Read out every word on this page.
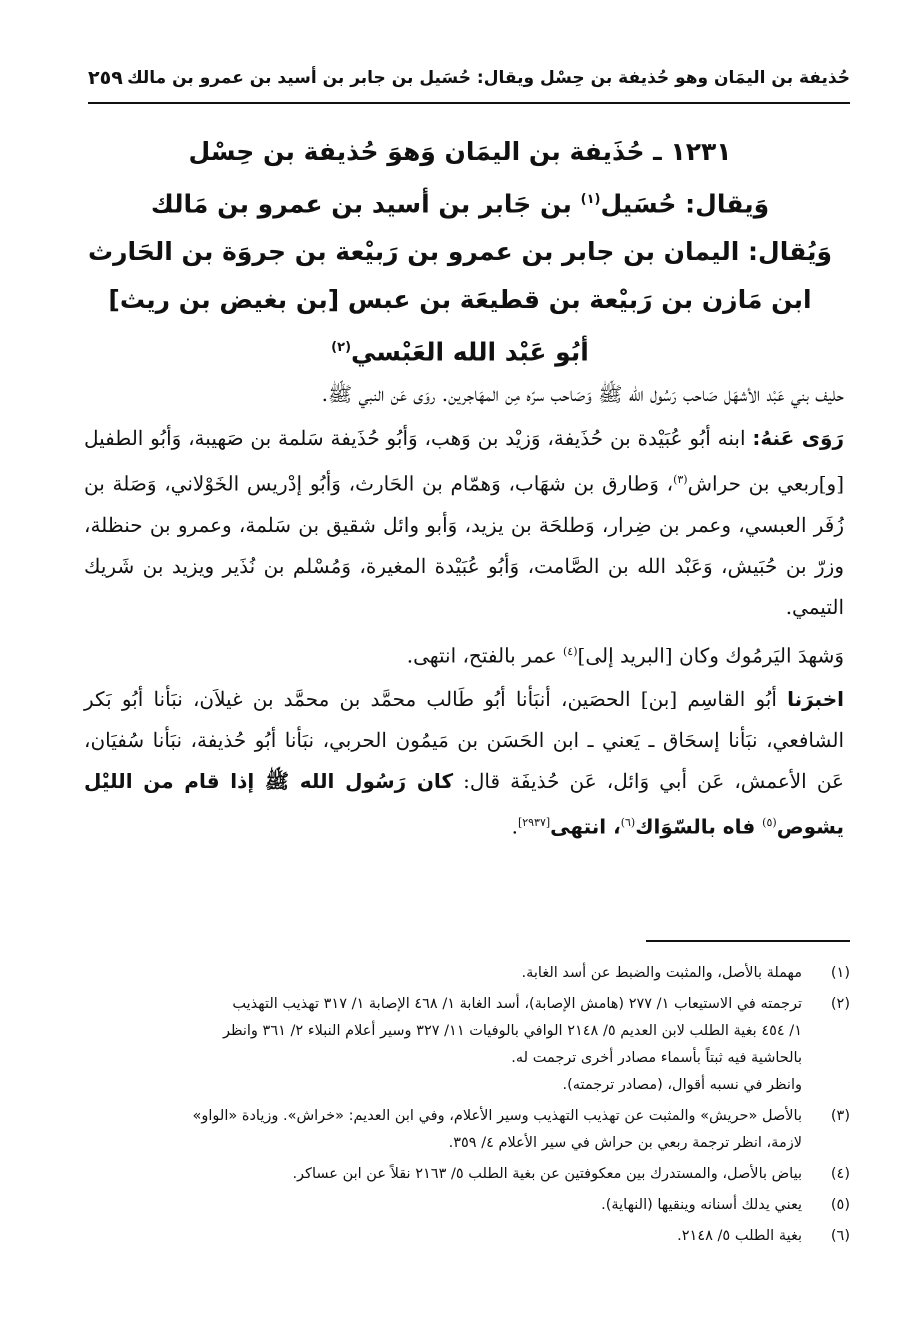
حُذيفة بن اليمَان وهو حُذيفة بن حِسْل ويقال: حُسَيل بن جابر بن أسيد بن عمرو بن مالك
٢٥٩
١٢٣١ ـ حُذَيفة بن اليمَان وَهوَ حُذيفة بن حِسْل
وَيقال: حُسَيل$^{(١)}$ بن جَابر بن أسيد بن عمرو بن مَالك
وَيُقال: اليمان بن جابر بن عمرو بن رَبيْعة بن جروَة بن الحَارث
ابن مَازن بن رَبيْعة بن قطيعَة بن عبس [بن بغيض بن ريث]
أبُو عَبْد الله العَبْسي$^{(٢)}$

حليف بني عَبْد الأشهَل صَاحب رَسُول الله ﷺ وَصَاحب سرّه مِن المهَاجرين. روَى عَن النبي ﷺ.

رَوَى عَنهُ: ابنه أبُو عُبَيْدة بن حُذَيفة، وَزيْد بن وَهب، وَأبُو حُذَيفة سَلمة بن صَهيبة، وَأبُو الطفيل [و]ربعي بن حراش$^{(٣)}$، وَطارق بن شهَاب، وَهمّام بن الحَارث، وَأبُو إدْريس الخَوْلاني، وَصَلة بن زُفَر العبسي، وعمر بن ضِرار، وَطلحَة بن يزيد، وَأبو وائل شقيق بن سَلمة، وعمرو بن حنظلة، وزرّ بن حُبَيش، وَعَبْد الله بن الصَّامت، وَأبُو عُبَيْدة المغيرة، وَمُسْلم بن نُذَير ويزيد بن شَريك التيمي.

وَشهدَ اليَرمُوك وكان [البريد إلى]$^{(٤)}$ عمر بالفتح، انتهى.

اخبرَنا أبُو القاسِم [بن] الحصَين، أنبَأنا أبُو طَالب محمَّد بن محمَّد بن غيلاَن، نبَأنا أبُو بَكر الشافعي، نبَأنا إسحَاق ـ يَعني ـ ابن الحَسَن بن مَيمُون الحربي، نبَأنا أبُو حُذيفة، نبَأنا سُفيَان، عَن الأعمش، عَن أبي وَائل، عَن حُذيفَة قال: كان رَسُول الله ﷺ إذا قام من الليْل يشوص$^{(٥)}$ فاه بالسّوَاك$^{(٦)}$، انتهى[٢٩٣٧].

(١)
مهملة بالأصل، والمثبت والضبط عن أسد الغابة.
(٢)
ترجمته في الاستيعاب ١/ ٢٧٧ (هامش الإصابة)، أسد الغابة ١/ ٤٦٨ الإصابة ١/ ٣١٧ تهذيب التهذيب
١/ ٤٥٤ بغية الطلب لابن العديم ٥/ ٢١٤٨ الوافي بالوفيات ١١/ ٣٢٧ وسير أعلام النبلاء ٢/ ٣٦١ وانظر
بالحاشية فيه ثبتاً بأسماء مصادر أخرى ترجمت له.
وانظر في نسبه أقوال، (مصادر ترجمته).
(٣)
بالأصل «حريش» والمثبت عن تهذيب التهذيب وسير الأعلام، وفي ابن العديم: «خراش». وزيادة «الواو»
لازمة، انظر ترجمة ربعي بن حراش في سير الأعلام ٤/ ٣٥٩.
(٤)
بياض بالأصل، والمستدرك بين معكوفتين عن بغية الطلب ٥/ ٢١٦٣ نقلاً عن ابن عساكر.
(٥)
يعني يدلك أسنانه وينقيها (النهاية).
(٦)
بغية الطلب ٥/ ٢١٤٨.
